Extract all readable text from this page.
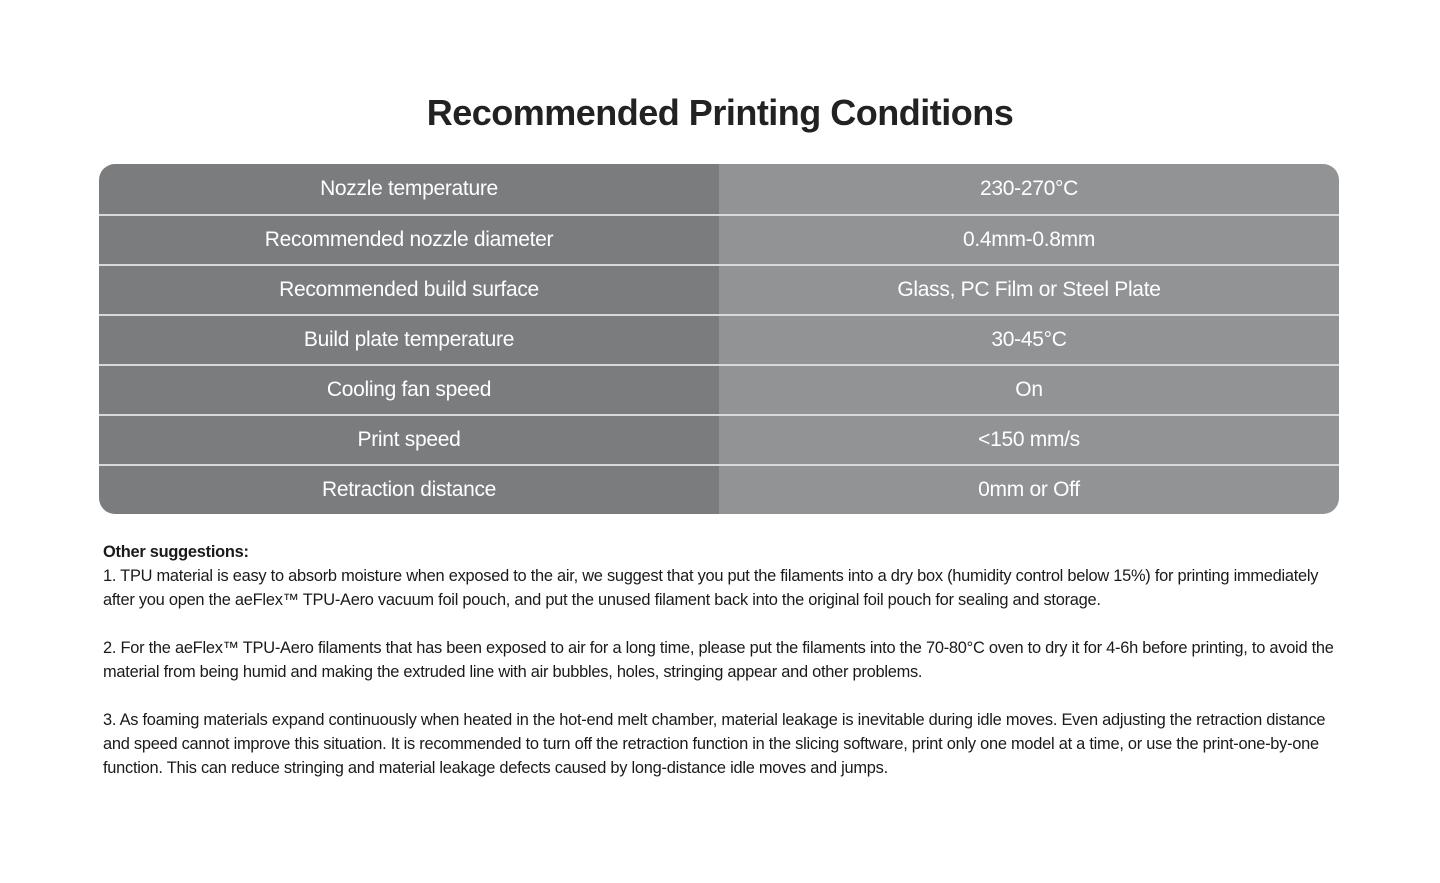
Recommended Printing Conditions
Nozzle temperature	230-270°C
Recommended nozzle diameter	0.4mm-0.8mm
Recommended build surface	Glass, PC Film or Steel Plate
Build plate temperature	30-45°C
Cooling fan speed	On
Print speed	<150 mm/s
Retraction distance	0mm or Off

Other suggestions:

1. TPU material is easy to absorb moisture when exposed to the air, we suggest that you put the filaments into a dry box (humidity control below 15%) for printing immediately after you open the aeFlex™ TPU-Aero vacuum foil pouch, and put the unused filament back into the original foil pouch for sealing and storage.

2. For the aeFlex™ TPU-Aero filaments that has been exposed to air for a long time, please put the filaments into the 70-80°C oven to dry it for 4-6h before printing, to avoid the material from being humid and making the extruded line with air bubbles, holes, stringing appear and other problems.

3. As foaming materials expand continuously when heated in the hot-end melt chamber, material leakage is inevitable during idle moves. Even adjusting the retraction distance and speed cannot improve this situation. It is recommended to turn off the retraction function in the slicing software, print only one model at a time, or use the print-one-by-one function. This can reduce stringing and material leakage defects caused by long-distance idle moves and jumps.
